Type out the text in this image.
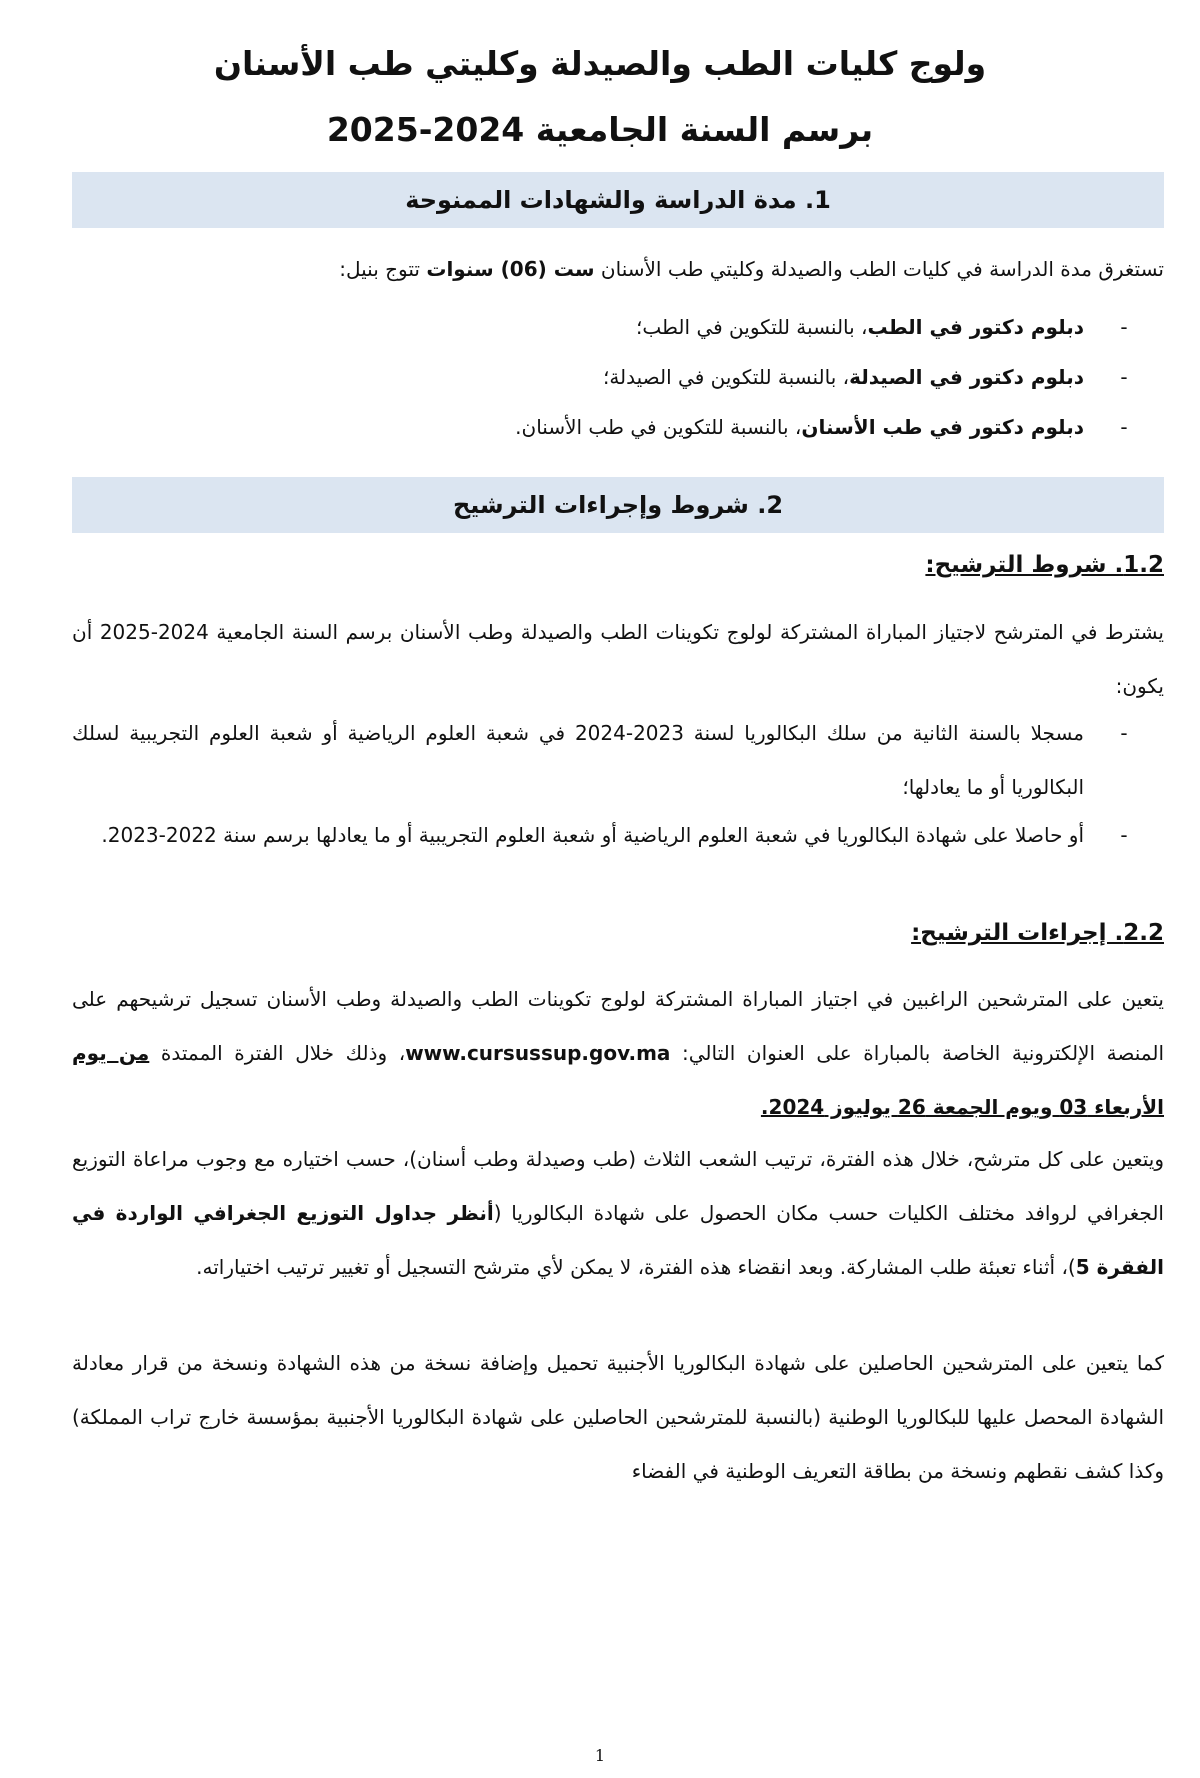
ولوج كليات الطب والصيدلة وكليتي طب الأسنان
برسم السنة الجامعية 2024-2025
1. مدة الدراسة والشهادات الممنوحة
تستغرق مدة الدراسة في كليات الطب والصيدلة وكليتي طب الأسنان ست (06) سنوات تتوج بنيل:
-
دبلوم دكتور في الطب، بالنسبة للتكوين في الطب؛
-
دبلوم دكتور في الصيدلة، بالنسبة للتكوين في الصيدلة؛
-
دبلوم دكتور في طب الأسنان، بالنسبة للتكوين في طب الأسنان.
2. شروط وإجراءات الترشيح
1.2. شروط الترشيح:
يشترط في المترشح لاجتياز المباراة المشتركة لولوج تكوينات الطب والصيدلة وطب الأسنان برسم السنة الجامعية 2024-2025 أن يكون:
-
مسجلا بالسنة الثانية من سلك البكالوريا لسنة 2023-2024 في شعبة العلوم الرياضية أو شعبة العلوم التجريبية لسلك البكالوريا أو ما يعادلها؛
-
أو حاصلا على شهادة البكالوريا في شعبة العلوم الرياضية أو شعبة العلوم التجريبية أو ما يعادلها برسم سنة 2022-2023.
2.2. إجراءات الترشيح:
يتعين على المترشحين الراغبين في اجتياز المباراة المشتركة لولوج تكوينات الطب والصيدلة وطب الأسنان تسجيل ترشيحهم على المنصة الإلكترونية الخاصة بالمباراة على العنوان التالي: www.cursussup.gov.ma، وذلك خلال الفترة الممتدة من يوم الأربعاء 03 ويوم الجمعة 26 يوليوز 2024.
ويتعين على كل مترشح، خلال هذه الفترة، ترتيب الشعب الثلاث (طب وصيدلة وطب أسنان)، حسب اختياره مع وجوب مراعاة التوزيع الجغرافي لروافد مختلف الكليات حسب مكان الحصول على شهادة البكالوريا (أنظر جداول التوزيع الجغرافي الواردة في الفقرة 5)، أثناء تعبئة طلب المشاركة. وبعد انقضاء هذه الفترة، لا يمكن لأي مترشح التسجيل أو تغيير ترتيب اختياراته.
كما يتعين على المترشحين الحاصلين على شهادة البكالوريا الأجنبية تحميل وإضافة نسخة من هذه الشهادة ونسخة من قرار معادلة الشهادة المحصل عليها للبكالوريا الوطنية (بالنسبة للمترشحين الحاصلين على شهادة البكالوريا الأجنبية بمؤسسة خارج تراب المملكة) وكذا كشف نقطهم ونسخة من بطاقة التعريف الوطنية في الفضاء
1
